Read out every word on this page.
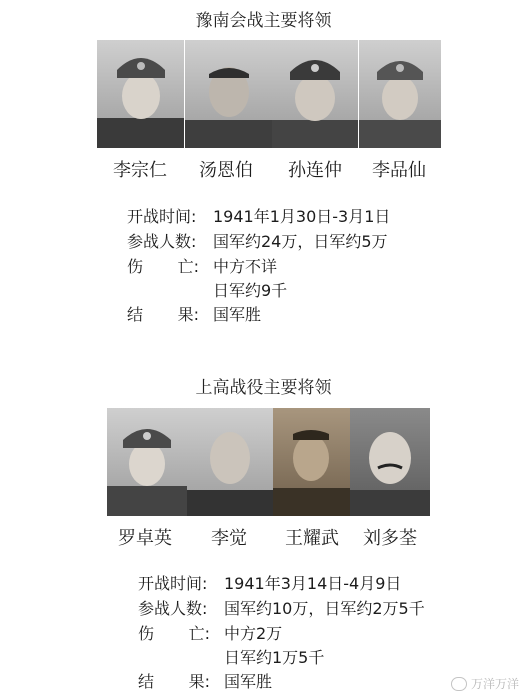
豫南会战主要将领
李宗仁 汤恩伯 孙连仲 李品仙
开战时间: 1941年1月30日-3月1日
参战人数: 国军约24万，日军约5万
伤 亡: 中方不详
日军约9千
结 果: 国军胜
上高战役主要将领
罗卓英 李觉 王耀武 刘多荃
开战时间: 1941年3月14日-4月9日
参战人数: 国军约10万，日军约2万5千
伤 亡: 中方2万
日军约1万5千
结 果: 国军胜	万洋万洋
